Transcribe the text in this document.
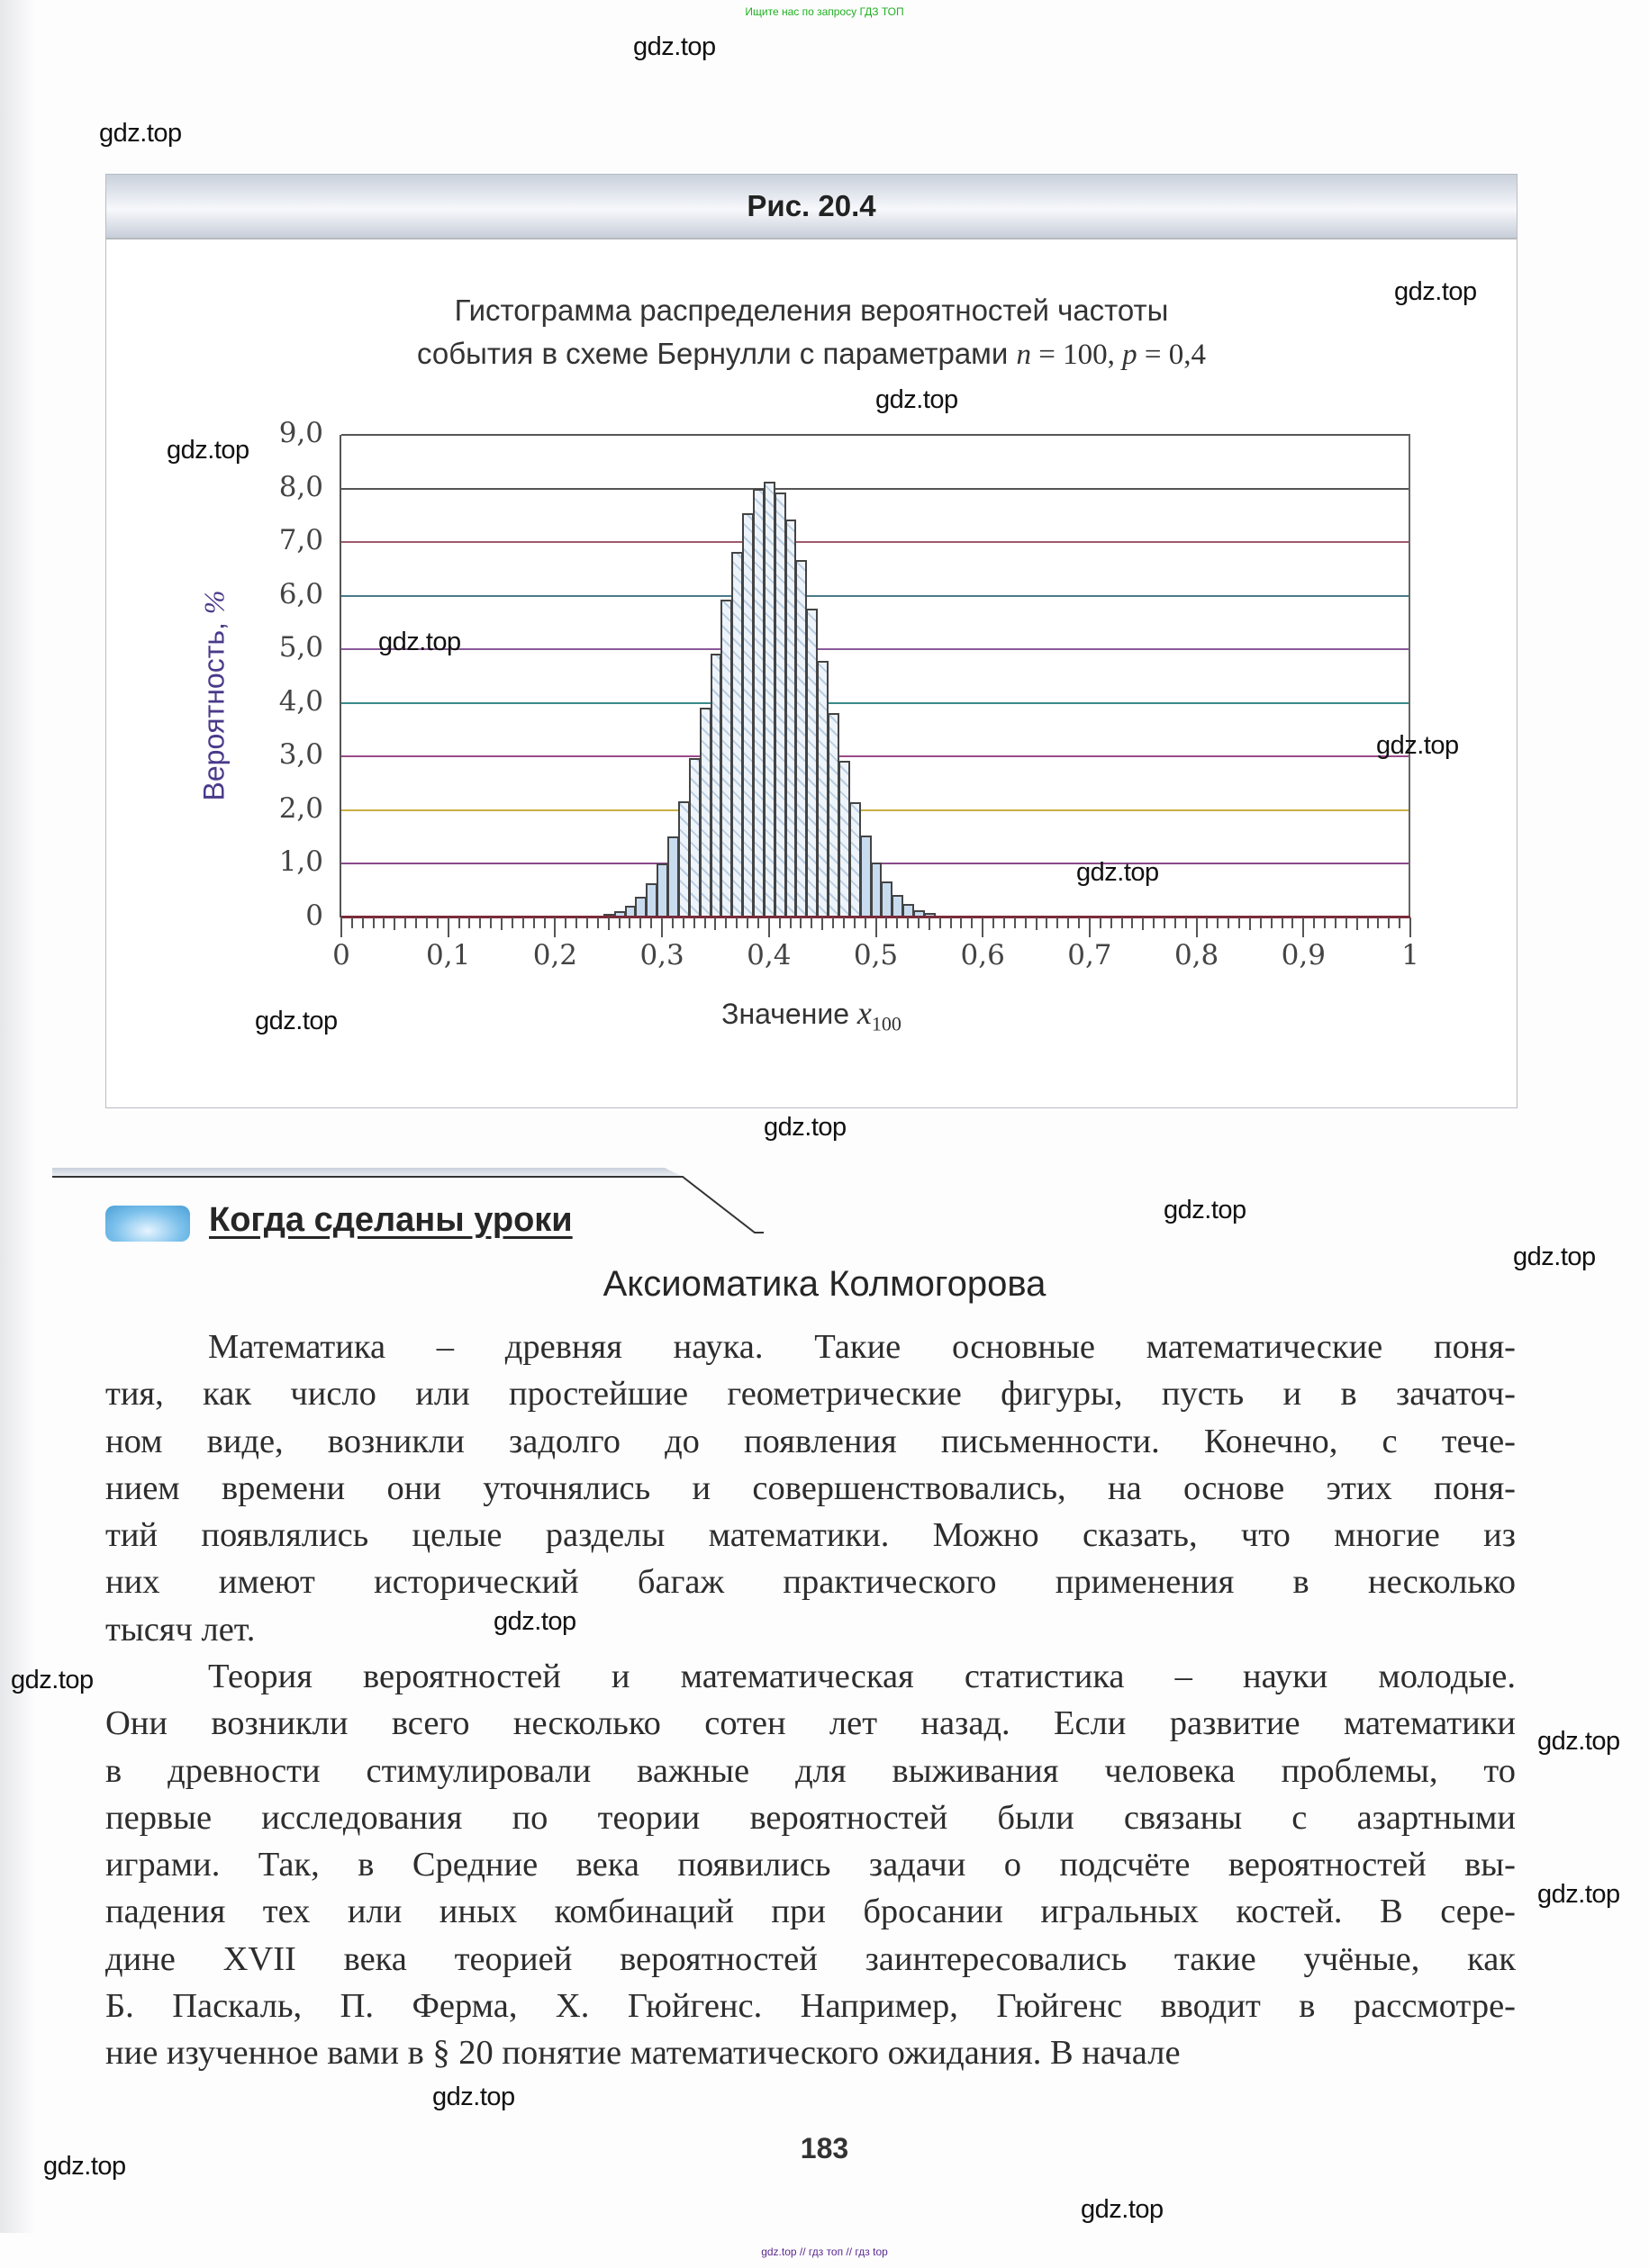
Ищите нас по запросу ГДЗ ТОП
Рис. 20.4
Гистограмма распределения вероятностей частоты
события в схеме Бернулли с параметрами n = 100, p = 0,4
Вероятность, %
0
1,0
2,0
3,0
4,0
5,0
6,0
7,0
8,0
9,0
0	0,1	0,2	0,3	0,4	0,5	0,6	0,7	0,8	0,9	1
Значение $x_{100}$
Когда сделаны уроки
Аксиоматика Колмогорова
Математика – древняя наука. Такие основные математические поня-
тия, как число или простейшие геометрические фигуры, пусть и в зачаточ-
ном виде, возникли задолго до появления письменности. Конечно, с тече-
нием времени они уточнялись и совершенствовались, на основе этих поня-
тий появлялись целые разделы математики. Можно сказать, что многие из
них имеют исторический багаж практического применения в несколько
тысяч лет.
Теория вероятностей и математическая статистика – науки молодые.
Они возникли всего несколько сотен лет назад. Если развитие математики
в древности стимулировали важные для выживания человека проблемы, то
первые исследования по теории вероятностей были связаны с азартными
играми. Так, в Средние века появились задачи о подсчёте вероятностей вы-
падения тех или иных комбинаций при бросании игральных костей. В сере-
дине XVII века теорией вероятностей заинтересовались такие учёные, как
Б. Паскаль, П. Ферма, Х. Гюйгенс. Например, Гюйгенс вводит в рассмотре-
ние изученное вами в § 20 понятие математического ожидания. В начале
183
gdz.top // гдз топ // гдз top
gdz.top
gdz.top
gdz.top
gdz.top
gdz.top
gdz.top
gdz.top
gdz.top
gdz.top
gdz.top
gdz.top
gdz.top
gdz.top
gdz.top
gdz.top
gdz.top
gdz.top
gdz.top
gdz.top
